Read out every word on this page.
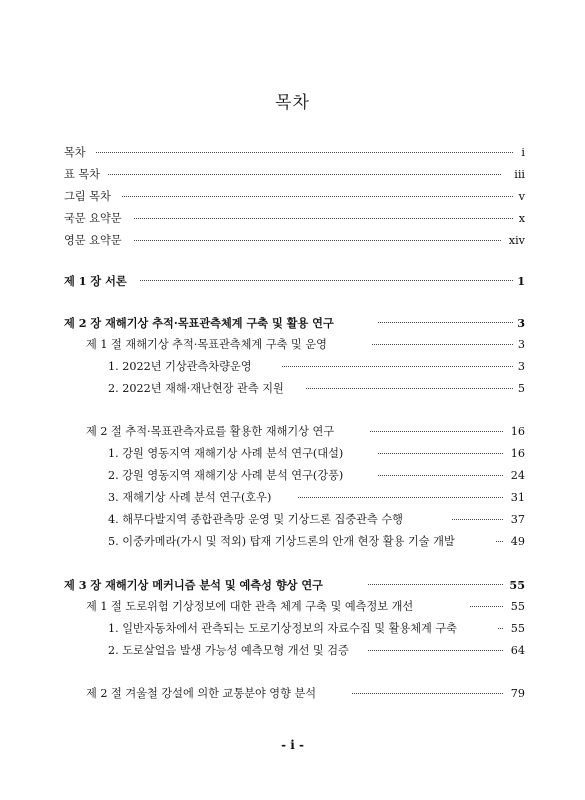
목차
목차	i
표 목차	iii
그림 목차	v
국문 요약문	x
영문 요약문	xiv
제 1 장 서론	1
제 2 장 재해기상 추적·목표관측체계 구축 및 활용 연구	3
제 1 절 재해기상 추적·목표관측체계 구축 및 운영	3
1. 2022년 기상관측차량운영	3
2. 2022년 재해·재난현장 관측 지원	5
제 2 절 추적·목표관측자료를 활용한 재해기상 연구	16
1. 강원 영동지역 재해기상 사례 분석 연구(대설)	16
2. 강원 영동지역 재해기상 사례 분석 연구(강풍)	24
3. 재해기상 사례 분석 연구(호우)	31
4. 해무다발지역 종합관측망 운영 및 기상드론 집중관측 수행	37
5. 이중카메라(가시 및 적외) 탑재 기상드론의 안개 현장 활용 기술 개발	49
제 3 장 재해기상 메커니즘 분석 및 예측성 향상 연구	55
제 1 절 도로위험 기상정보에 대한 관측 체계 구축 및 예측정보 개선	55
1. 일반자동차에서 관측되는 도로기상정보의 자료수집 및 활용체계 구축	55
2. 도로살얼음 발생 가능성 예측모형 개선 및 검증	64
제 2 절 겨울철 강설에 의한 교통분야 영향 분석	79
- i -
